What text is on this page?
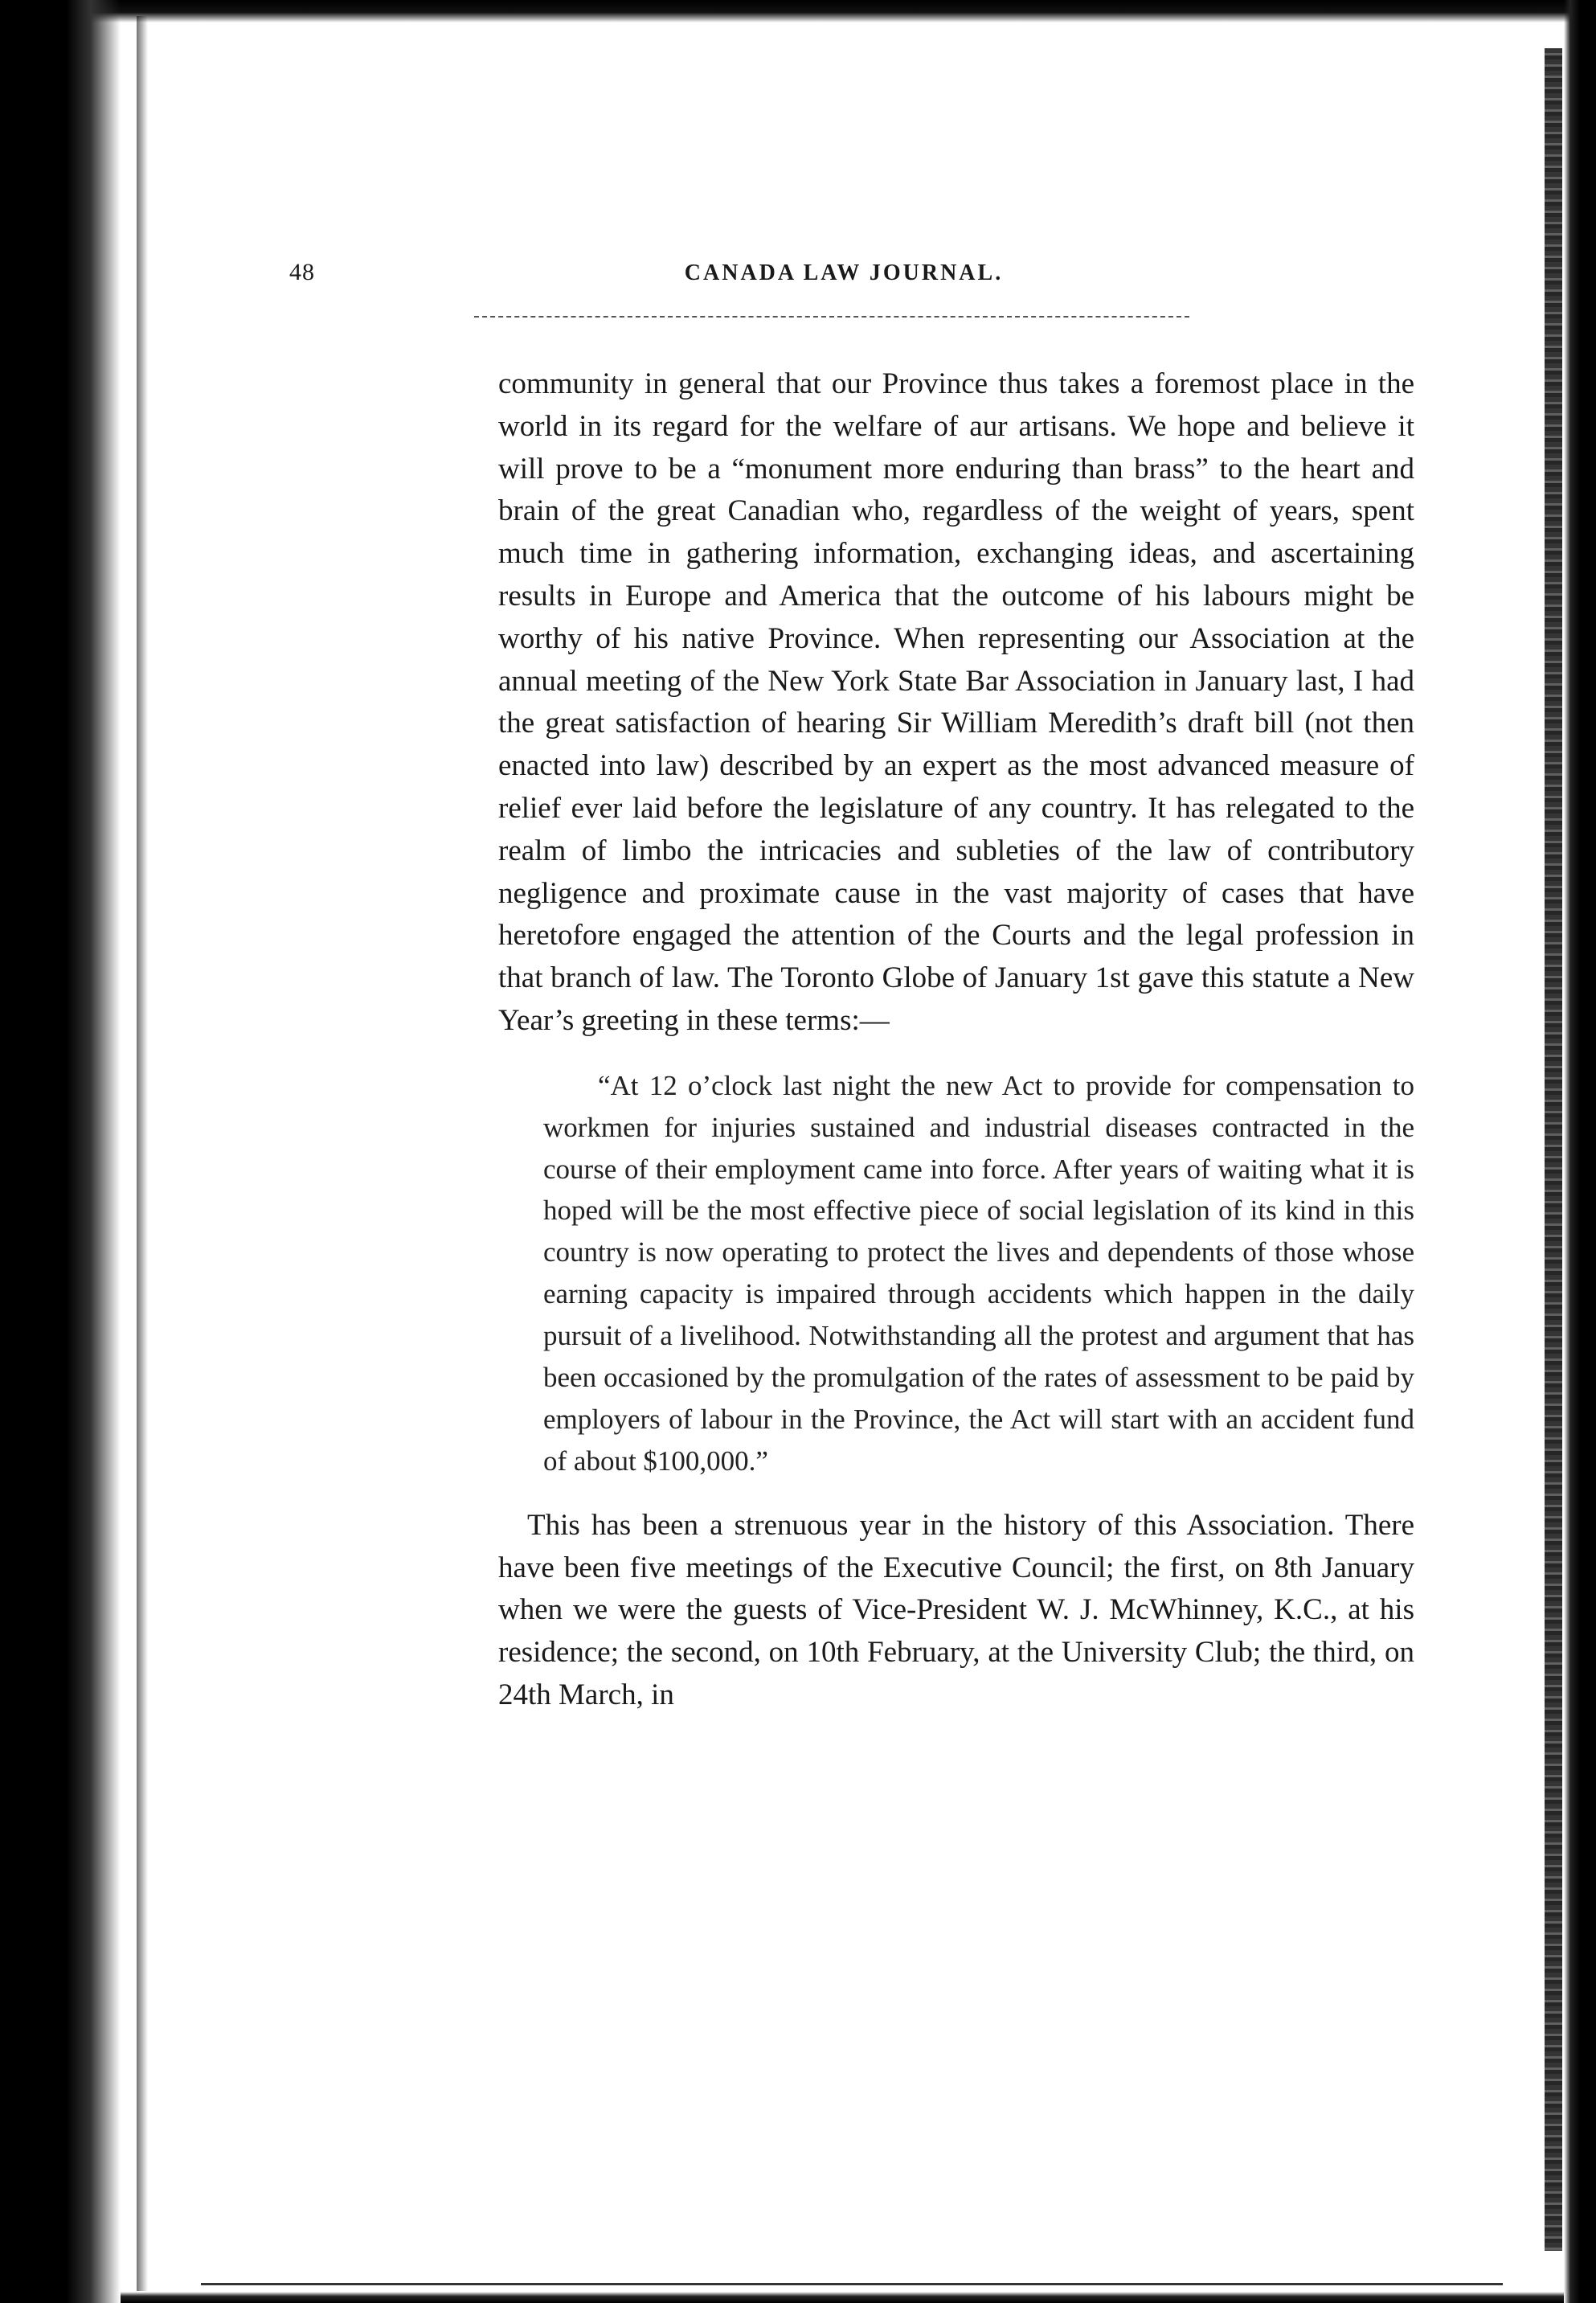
48	CANADA LAW JOURNAL.

community in general that our Province thus takes a foremost place in the world in its regard for the welfare of aur artisans. We hope and believe it will prove to be a “monument more enduring than brass” to the heart and brain of the great Canadian who, regardless of the weight of years, spent much time in gathering information, exchanging ideas, and ascertaining results in Europe and America that the outcome of his labours might be worthy of his native Province. When representing our Association at the annual meeting of the New York State Bar Association in January last, I had the great satisfaction of hearing Sir William Meredith’s draft bill (not then enacted into law) described by an expert as the most advanced measure of relief ever laid before the legislature of any country. It has relegated to the realm of limbo the intricacies and subleties of the law of contributory negligence and proximate cause in the vast majority of cases that have heretofore engaged the attention of the Courts and the legal profession in that branch of law. The Toronto Globe of January 1st gave this statute a New Year’s greeting in these terms:—

“At 12 o’clock last night the new Act to provide for compensation to workmen for injuries sustained and industrial diseases contracted in the course of their employment came into force. After years of waiting what it is hoped will be the most effective piece of social legislation of its kind in this country is now operating to protect the lives and dependents of those whose earning capacity is impaired through accidents which happen in the daily pursuit of a livelihood. Notwithstanding all the protest and argument that has been occasioned by the promulgation of the rates of assessment to be paid by employers of labour in the Province, the Act will start with an accident fund of about $100,000.”

This has been a strenuous year in the history of this Association. There have been five meetings of the Executive Council; the first, on 8th January when we were the guests of Vice-President W. J. McWhinney, K.C., at his residence; the second, on 10th February, at the University Club; the third, on 24th March, in
